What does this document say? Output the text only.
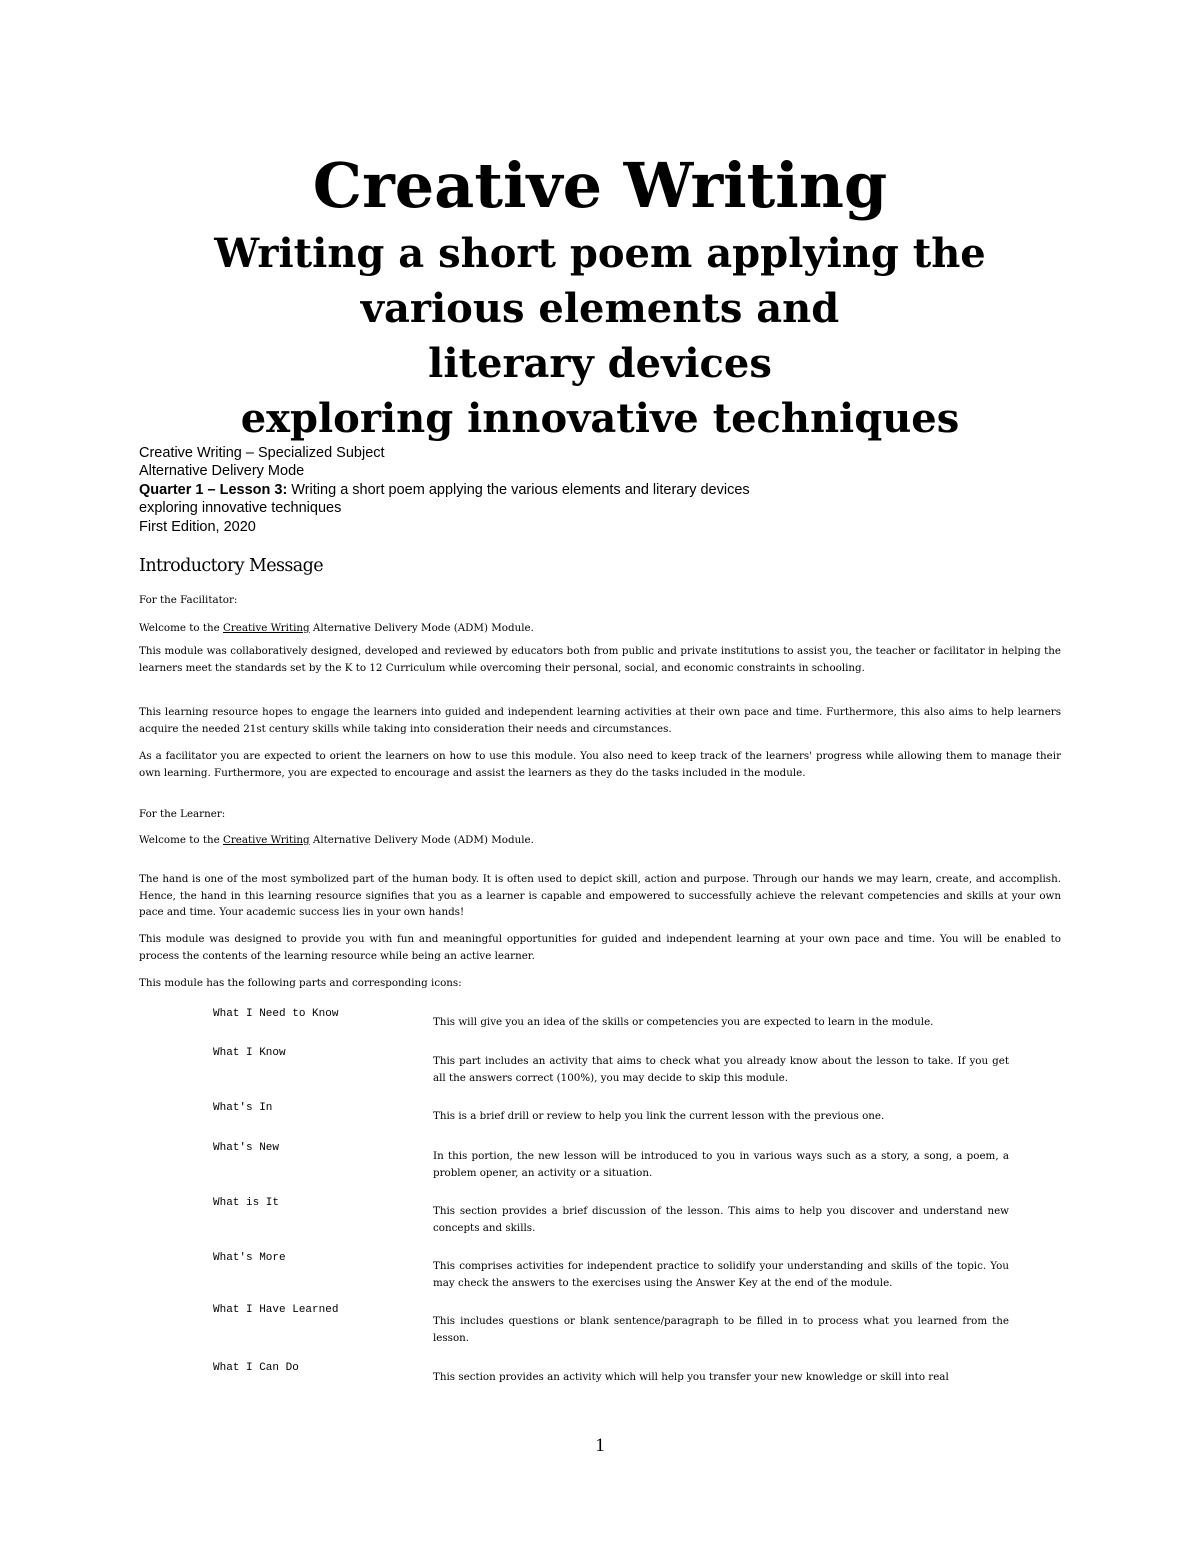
Creative Writing
Writing a short poem applying the
various elements and
literary devices
exploring innovative techniques
Creative Writing – Specialized Subject
Alternative Delivery Mode
Quarter 1 – Lesson 3: Writing a short poem applying the various elements and literary devices
exploring innovative techniques
First Edition, 2020
Introductory Message

For the Facilitator:

Welcome to the Creative Writing Alternative Delivery Mode (ADM) Module.

This module was collaboratively designed, developed and reviewed by educators both from public and private institutions to assist you, the teacher or facilitator in helping the learners meet the standards set by the K to 12 Curriculum while overcoming their personal, social, and economic constraints in schooling.

This learning resource hopes to engage the learners into guided and independent learning activities at their own pace and time. Furthermore, this also aims to help learners acquire the needed 21st century skills while taking into consideration their needs and circumstances.

As a facilitator you are expected to orient the learners on how to use this module. You also need to keep track of the learners' progress while allowing them to manage their own learning. Furthermore, you are expected to encourage and assist the learners as they do the tasks included in the module.

For the Learner:

Welcome to the Creative Writing Alternative Delivery Mode (ADM) Module.

The hand is one of the most symbolized part of the human body. It is often used to depict skill, action and purpose. Through our hands we may learn, create, and accomplish. Hence, the hand in this learning resource signifies that you as a learner is capable and empowered to successfully achieve the relevant competencies and skills at your own pace and time. Your academic success lies in your own hands!

This module was designed to provide you with fun and meaningful opportunities for guided and independent learning at your own pace and time. You will be enabled to process the contents of the learning resource while being an active learner.

This module has the following parts and corresponding icons:

What I Need to Know

This will give you an idea of the skills or competencies you are expected to learn in the module.

What I Know

This part includes an activity that aims to check what you already know about the lesson to take. If you get all the answers correct (100%), you may decide to skip this module.

What's In

This is a brief drill or review to help you link the current lesson with the previous one.

What's New

In this portion, the new lesson will be introduced to you in various ways such as a story, a song, a poem, a problem opener, an activity or a situation.

What is It

This section provides a brief discussion of the lesson. This aims to help you discover and understand new concepts and skills.

What's More

This comprises activities for independent practice to solidify your understanding and skills of the topic. You may check the answers to the exercises using the Answer Key at the end of the module.

What I Have Learned

This includes questions or blank sentence/paragraph to be filled in to process what you learned from the lesson.

What I Can Do

This section provides an activity which will help you transfer your new knowledge or skill into real

1
